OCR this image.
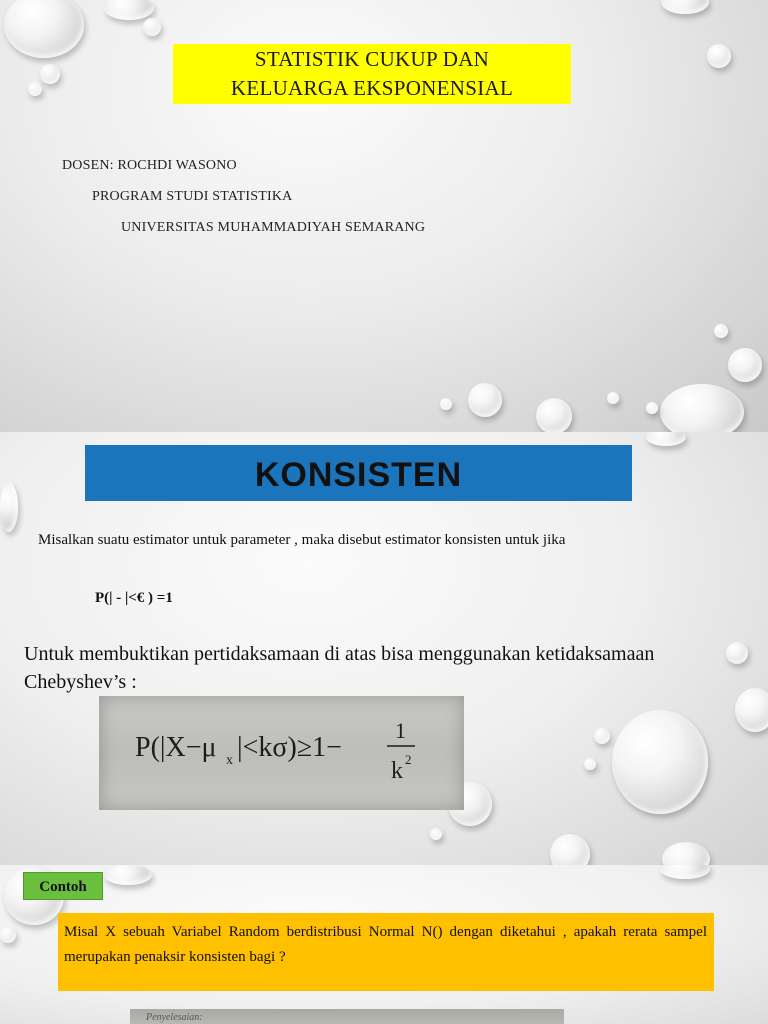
STATISTIK CUKUP DAN
KELUARGA EKSPONENSIAL
DOSEN: ROCHDI WASONO
PROGRAM STUDI STATISTIKA
UNIVERSITAS MUHAMMADIYAH SEMARANG
KONSISTEN
Misalkan suatu estimator untuk parameter , maka disebut estimator konsisten untuk jika
P(| - |<€ ) =1
Untuk membuktikan pertidaksamaan di atas bisa menggunakan ketidaksamaan Chebyshev’s :
P(|X−μ x |<kσ)≥1−
1
k 2
Contoh
Misal X sebuah Variabel Random berdistribusi Normal N() dengan diketahui , apakah rerata sampel merupakan penaksir konsisten bagi ?
Penyelesaian:
